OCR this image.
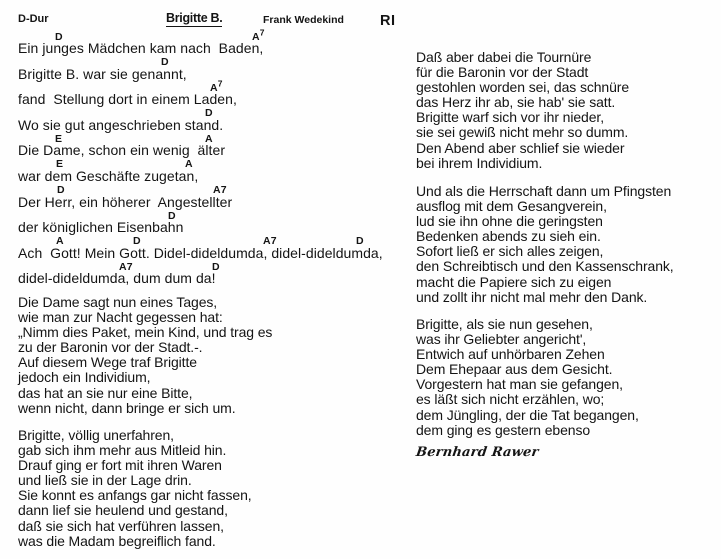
D-Dur	Brigitte B.	Frank Wedekind RI
Ein junges Mädchen kam nach  Baden,
D	$A^7$
Brigitte B. war sie genannt,
D
fand  Stellung dort in einem Laden,
$A^7$
Wo sie gut angeschrieben stand.
D
Die Dame, schon ein wenig  älter
E	A
war dem Geschäfte zugetan,
E	A
Der Herr, ein höherer  Angestellter
D	A7
der königlichen Eisenbahn
D
Ach  Gott! Mein Gott. Didel-dideldumda, didel-dideldumda,
A	D	A7	D
didel-dideldumda, dum dum da!
A7	D
Die Dame sagt nun eines Tages,
wie man zur Nacht gegessen hat:
„Nimm dies Paket, mein Kind, und trag es
zu der Baronin vor der Stadt.-.
Auf diesem Wege traf Brigitte
jedoch ein Individium,
das hat an sie nur eine Bitte,
wenn nicht, dann bringe er sich um.
Brigitte, völlig unerfahren,
gab sich ihm mehr aus Mitleid hin.
Drauf ging er fort mit ihren Waren
und ließ sie in der Lage drin.
Sie konnt es anfangs gar nicht fassen,
dann lief sie heulend und gestand,
daß sie sich hat verführen lassen,
was die Madam begreiflich fand.
Daß aber dabei die Tournüre
für die Baronin vor der Stadt
gestohlen worden sei, das schnüre
das Herz ihr ab, sie hab' sie satt.
Brigitte warf sich vor ihr nieder,
sie sei gewiß nicht mehr so dumm.
Den Abend aber schlief sie wieder
bei ihrem Individium.
Und als die Herrschaft dann um Pfingsten
ausflog mit dem Gesangverein,
lud sie ihn ohne die geringsten
Bedenken abends zu sieh ein.
Sofort ließ er sich alles zeigen,
den Schreibtisch und den Kassenschrank,
macht die Papiere sich zu eigen
und zollt ihr nicht mal mehr den Dank.
Brigitte, als sie nun gesehen,
was ihr Geliebter angericht',
Entwich auf unhörbaren Zehen
Dem Ehepaar aus dem Gesicht.
Vorgestern hat man sie gefangen,
es läßt sich nicht erzählen, wo;
dem Jüngling, der die Tat begangen,
dem ging es gestern ebenso
Bernhard Rawer
